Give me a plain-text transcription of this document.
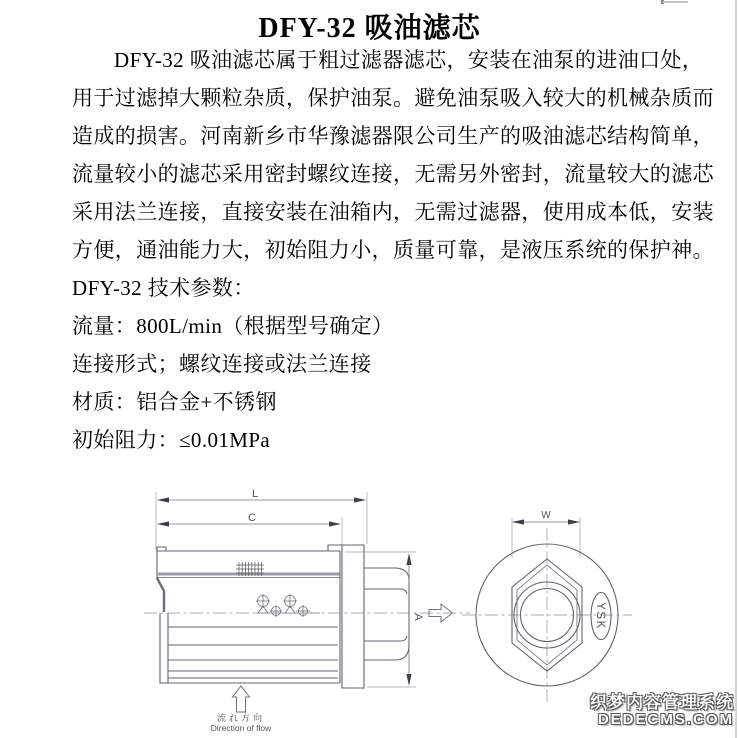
DFY-32 吸油滤芯
DFY-32 吸油滤芯属于粗过滤器滤芯，安装在油泵的进油口处，
用于过滤掉大颗粒杂质，保护油泵。避免油泵吸入较大的机械杂质而
造成的损害。河南新乡市华豫滤器限公司生产的吸油滤芯结构简单，
流量较小的滤芯采用密封螺纹连接，无需另外密封，流量较大的滤芯
采用法兰连接，直接安装在油箱内，无需过滤器，使用成本低，安装
方便，通油能力大，初始阻力小，质量可靠，是液压系统的保护神。
DFY-32 技术参数：
流量：800L/min（根据型号确定）
连接形式；螺纹连接或法兰连接
材质：铝合金+不锈钢
初始阻力：≤0.01MPa
L
C
A
流れ方向
Direction of flow
W
YSK
织梦内容管理系统
DEDECMS.COM
